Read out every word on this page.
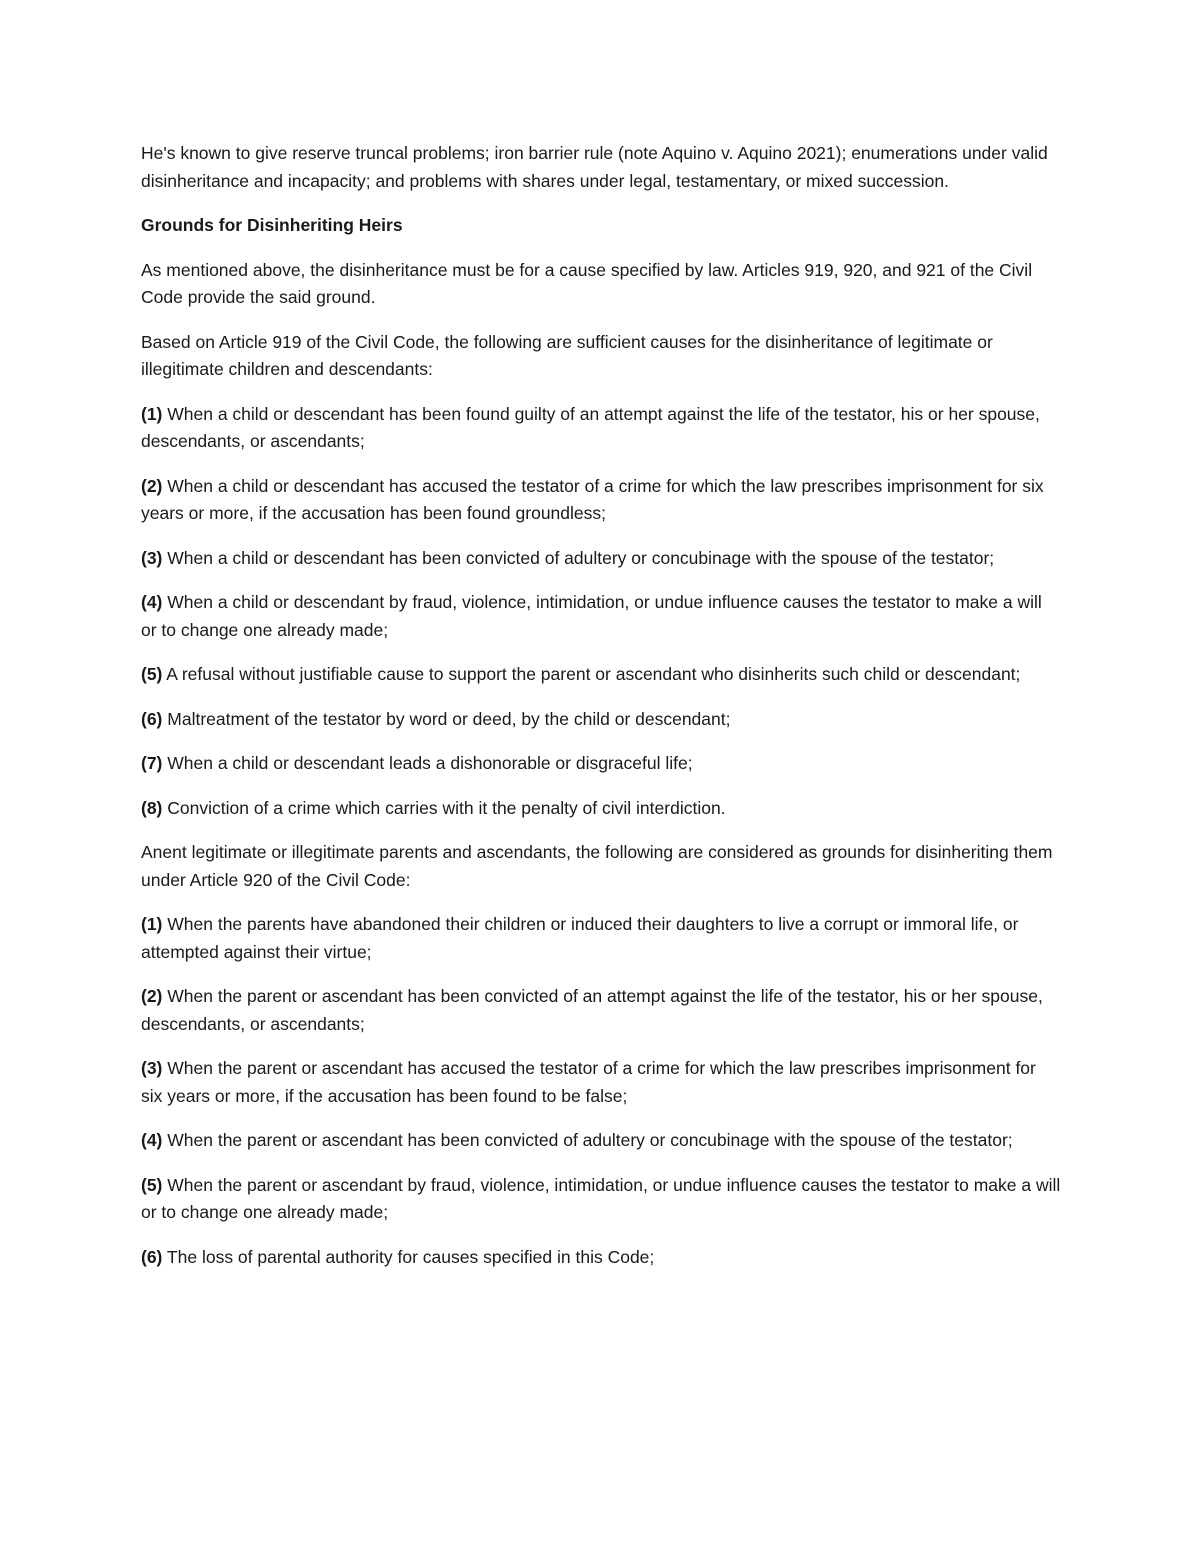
He's known to give reserve truncal problems; iron barrier rule (note Aquino v. Aquino 2021); enumerations under valid disinheritance and incapacity; and problems with shares under legal, testamentary, or mixed succession.

Grounds for Disinheriting Heirs

As mentioned above, the disinheritance must be for a cause specified by law. Articles 919, 920, and 921 of the Civil Code provide the said ground.

Based on Article 919 of the Civil Code, the following are sufficient causes for the disinheritance of legitimate or illegitimate children and descendants:

(1) When a child or descendant has been found guilty of an attempt against the life of the testator, his or her spouse, descendants, or ascendants;

(2) When a child or descendant has accused the testator of a crime for which the law prescribes imprisonment for six years or more, if the accusation has been found groundless;

(3) When a child or descendant has been convicted of adultery or concubinage with the spouse of the testator;

(4) When a child or descendant by fraud, violence, intimidation, or undue influence causes the testator to make a will or to change one already made;

(5) A refusal without justifiable cause to support the parent or ascendant who disinherits such child or descendant;

(6) Maltreatment of the testator by word or deed, by the child or descendant;

(7) When a child or descendant leads a dishonorable or disgraceful life;

(8) Conviction of a crime which carries with it the penalty of civil interdiction.

Anent legitimate or illegitimate parents and ascendants, the following are considered as grounds for disinheriting them under Article 920 of the Civil Code:

(1) When the parents have abandoned their children or induced their daughters to live a corrupt or immoral life, or attempted against their virtue;

(2) When the parent or ascendant has been convicted of an attempt against the life of the testator, his or her spouse, descendants, or ascendants;

(3) When the parent or ascendant has accused the testator of a crime for which the law prescribes imprisonment for six years or more, if the accusation has been found to be false;

(4) When the parent or ascendant has been convicted of adultery or concubinage with the spouse of the testator;

(5) When the parent or ascendant by fraud, violence, intimidation, or undue influence causes the testator to make a will or to change one already made;

(6) The loss of parental authority for causes specified in this Code;
